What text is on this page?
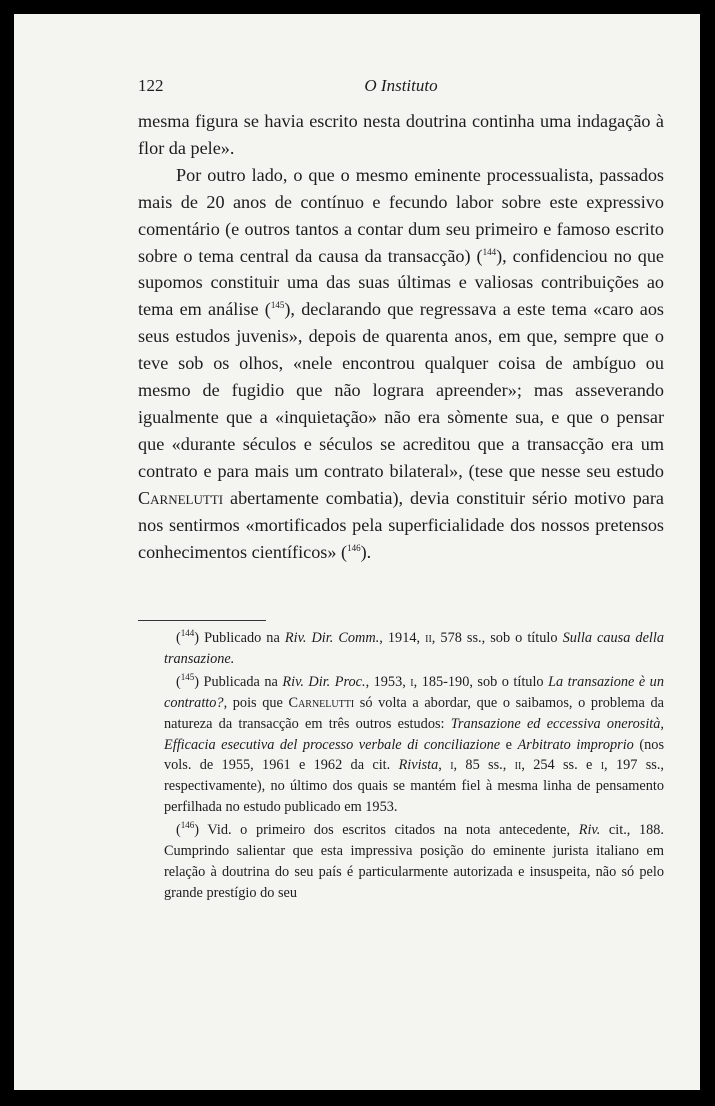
122	O Instituto

mesma figura se havia escrito nesta doutrina continha uma indagação à flor da pele».

Por outro lado, o que o mesmo eminente processualista, passados mais de 20 anos de contínuo e fecundo labor sobre este expressivo comentário (e outros tantos a contar dum seu primeiro e famoso escrito sobre o tema central da causa da transacção) ($^{144}$), confidenciou no que supomos constituir uma das suas últimas e valiosas contribuições ao tema em análise ($^{145}$), declarando que regressava a este tema «caro aos seus estudos juvenis», depois de quarenta anos, em que, sempre que o teve sob os olhos, «nele encontrou qualquer coisa de ambíguo ou mesmo de fugidio que não lograra apreender»; mas asseverando igualmente que a «inquietação» não era sòmente sua, e que o pensar que «durante séculos e séculos se acreditou que a transacção era um contrato e para mais um contrato bilateral», (tese que nesse seu estudo Carnelutti abertamente combatia), devia constituir sério motivo para nos sentirmos «mortificados pela superficialidade dos nossos pretensos conhecimentos científicos» ($^{146}$).

($^{144}$) Publicado na Riv. Dir. Comm., 1914, ii, 578 ss., sob o título Sulla causa della transazione.

($^{145}$) Publicada na Riv. Dir. Proc., 1953, i, 185-190, sob o título La transazione è un contratto?, pois que Carnelutti só volta a abordar, que o saibamos, o problema da natureza da transacção em três outros estudos: Transazione ed eccessiva onerosità, Efficacia esecutiva del processo verbale di conciliazione e Arbitrato improprio (nos vols. de 1955, 1961 e 1962 da cit. Rivista, i, 85 ss., ii, 254 ss. e i, 197 ss., respectivamente), no último dos quais se mantém fiel à mesma linha de pensamento perfilhada no estudo publicado em 1953.

($^{146}$) Vid. o primeiro dos escritos citados na nota antecedente, Riv. cit., 188. Cumprindo salientar que esta impressiva posição do eminente jurista italiano em relação à doutrina do seu país é particularmente autorizada e insuspeita, não só pelo grande prestígio do seu
